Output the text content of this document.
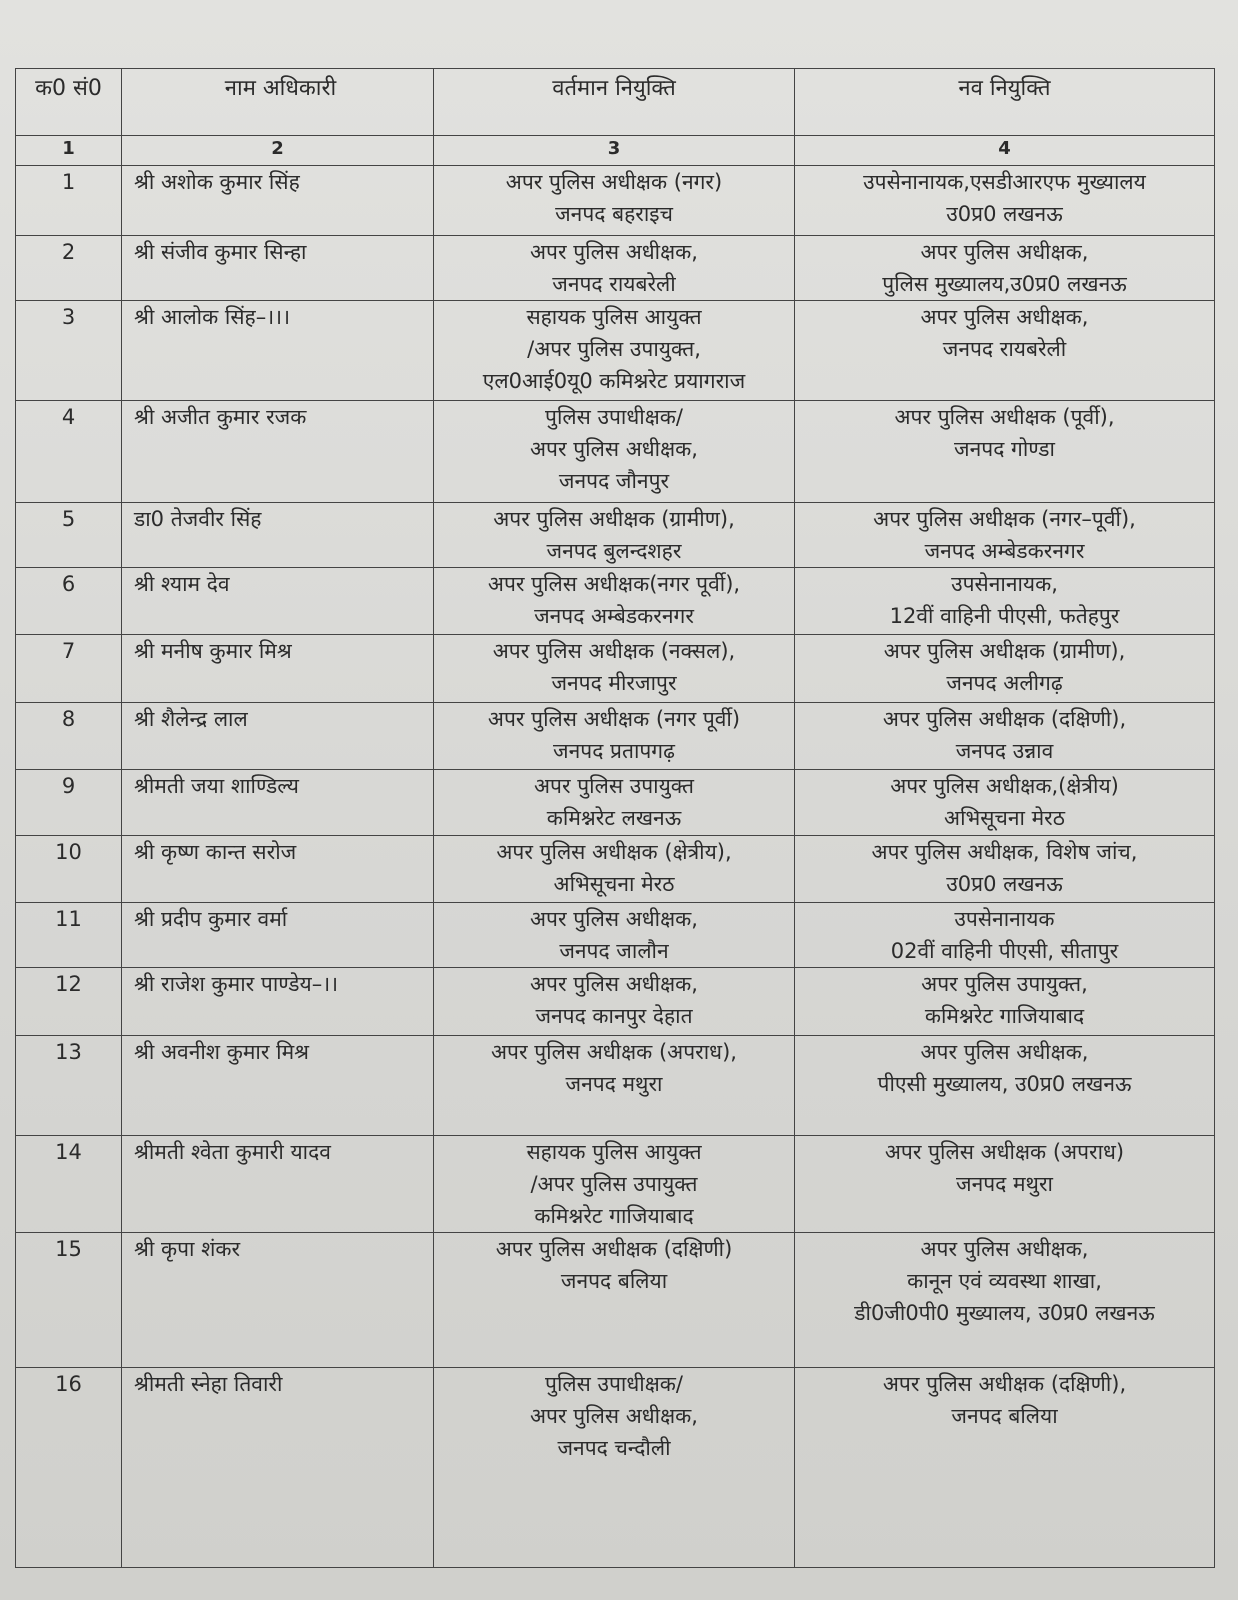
क0 सं0	नाम अधिकारी	वर्तमान नियुक्ति	नव नियुक्ति
1	2	3	4
1	श्री अशोक कुमार सिंह	अपर पुलिस अधीक्षक (नगर)
जनपद बहराइच	उपसेनानायक,एसडीआरएफ मुख्यालय
उ0प्र0 लखनऊ
2	श्री संजीव कुमार सिन्हा	अपर पुलिस अधीक्षक,
जनपद रायबरेली	अपर पुलिस अधीक्षक,
पुलिस मुख्यालय,उ0प्र0 लखनऊ
3	श्री आलोक सिंह–।।।	सहायक पुलिस आयुक्त
/अपर पुलिस उपायुक्त,
एल0आई0यू0 कमिश्नरेट प्रयागराज	अपर पुलिस अधीक्षक,
जनपद रायबरेली
4	श्री अजीत कुमार रजक	पुलिस उपाधीक्षक/
अपर पुलिस अधीक्षक,
जनपद जौनपुर	अपर पुलिस अधीक्षक (पूर्वी),
जनपद गोण्डा
5	डा0 तेजवीर सिंह	अपर पुलिस अधीक्षक (ग्रामीण),
जनपद बुलन्दशहर	अपर पुलिस अधीक्षक (नगर–पूर्वी),
जनपद अम्बेडकरनगर
6	श्री श्याम देव	अपर पुलिस अधीक्षक(नगर पूर्वी),
जनपद अम्बेडकरनगर	उपसेनानायक,
12वीं वाहिनी पीएसी, फतेहपुर
7	श्री मनीष कुमार मिश्र	अपर पुलिस अधीक्षक (नक्सल),
जनपद मीरजापुर	अपर पुलिस अधीक्षक (ग्रामीण),
जनपद अलीगढ़
8	श्री शैलेन्द्र लाल	अपर पुलिस अधीक्षक (नगर पूर्वी)
जनपद प्रतापगढ़	अपर पुलिस अधीक्षक (दक्षिणी),
जनपद उन्नाव
9	श्रीमती जया शाण्डिल्य	अपर पुलिस उपायुक्त
कमिश्नरेट लखनऊ	अपर पुलिस अधीक्षक,(क्षेत्रीय)
अभिसूचना मेरठ
10	श्री कृष्ण कान्त सरोज	अपर पुलिस अधीक्षक (क्षेत्रीय),
अभिसूचना मेरठ	अपर पुलिस अधीक्षक, विशेष जांच,
उ0प्र0 लखनऊ
11	श्री प्रदीप कुमार वर्मा	अपर पुलिस अधीक्षक,
जनपद जालौन	उपसेनानायक
02वीं वाहिनी पीएसी, सीतापुर
12	श्री राजेश कुमार पाण्डेय–।।	अपर पुलिस अधीक्षक,
जनपद कानपुर देहात	अपर पुलिस उपायुक्त,
कमिश्नरेट गाजियाबाद
13	श्री अवनीश कुमार मिश्र	अपर पुलिस अधीक्षक (अपराध),
जनपद मथुरा	अपर पुलिस अधीक्षक,
पीएसी मुख्यालय, उ0प्र0 लखनऊ
14	श्रीमती श्वेता कुमारी यादव	सहायक पुलिस आयुक्त
/अपर पुलिस उपायुक्त
कमिश्नरेट गाजियाबाद	अपर पुलिस अधीक्षक (अपराध)
जनपद मथुरा
15	श्री कृपा शंकर	अपर पुलिस अधीक्षक (दक्षिणी)
जनपद बलिया	अपर पुलिस अधीक्षक,
कानून एवं व्यवस्था शाखा,
डी0जी0पी0 मुख्यालय, उ0प्र0 लखनऊ
16	श्रीमती स्नेहा तिवारी	पुलिस उपाधीक्षक/
अपर पुलिस अधीक्षक,
जनपद चन्दौली	अपर पुलिस अधीक्षक (दक्षिणी),
जनपद बलिया
